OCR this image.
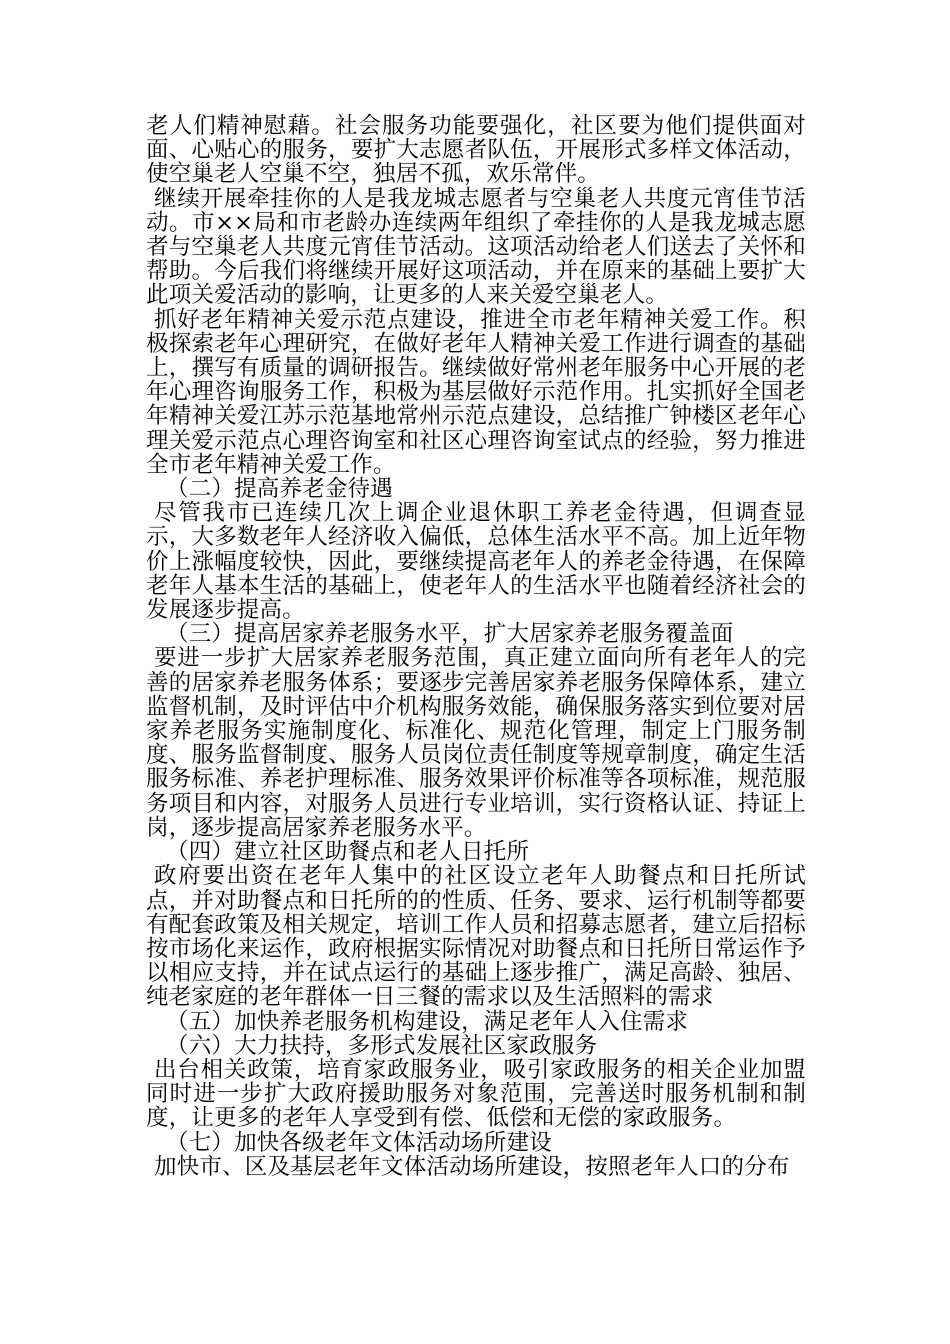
老人们精神慰藉。社会服务功能要强化，社区要为他们提供面对面、心贴心的服务，要扩大志愿者队伍，开展形式多样文体活动，使空巢老人空巢不空，独居不孤，欢乐常伴。

继续开展牵挂你的人是我龙城志愿者与空巢老人共度元宵佳节活动。市××局和市老龄办连续两年组织了牵挂你的人是我龙城志愿者与空巢老人共度元宵佳节活动。这项活动给老人们送去了关怀和帮助。今后我们将继续开展好这项活动，并在原来的基础上要扩大此项关爱活动的影响，让更多的人来关爱空巢老人。

抓好老年精神关爱示范点建设，推进全市老年精神关爱工作。积极探索老年心理研究，在做好老年人精神关爱工作进行调查的基础上，撰写有质量的调研报告。继续做好常州老年服务中心开展的老年心理咨询服务工作，积极为基层做好示范作用。扎实抓好全国老年精神关爱江苏示范基地常州示范点建设，总结推广钟楼区老年心理关爱示范点心理咨询室和社区心理咨询室试点的经验，努力推进全市老年精神关爱工作。

（二）提高养老金待遇

尽管我市已连续几次上调企业退休职工养老金待遇，但调查显示，大多数老年人经济收入偏低，总体生活水平不高。加上近年物价上涨幅度较快，因此，要继续提高老年人的养老金待遇，在保障老年人基本生活的基础上，使老年人的生活水平也随着经济社会的发展逐步提高。

（三）提高居家养老服务水平，扩大居家养老服务覆盖面

要进一步扩大居家养老服务范围，真正建立面向所有老年人的完善的居家养老服务体系；要逐步完善居家养老服务保障体系，建立监督机制，及时评估中介机构服务效能，确保服务落实到位要对居家养老服务实施制度化、标准化、规范化管理，制定上门服务制度、服务监督制度、服务人员岗位责任制度等规章制度，确定生活服务标准、养老护理标准、服务效果评价标准等各项标准，规范服务项目和内容，对服务人员进行专业培训，实行资格认证、持证上岗，逐步提高居家养老服务水平。

（四）建立社区助餐点和老人日托所

政府要出资在老年人集中的社区设立老年人助餐点和日托所试点，并对助餐点和日托所的的性质、任务、要求、运行机制等都要有配套政策及相关规定，培训工作人员和招募志愿者，建立后招标按市场化来运作，政府根据实际情况对助餐点和日托所日常运作予以相应支持，并在试点运行的基础上逐步推广，满足高龄、独居、纯老家庭的老年群体一日三餐的需求以及生活照料的需求

（五）加快养老服务机构建设，满足老年人入住需求

（六）大力扶持，多形式发展社区家政服务

出台相关政策，培育家政服务业，吸引家政服务的相关企业加盟同时进一步扩大政府援助服务对象范围，完善送时服务机制和制度，让更多的老年人享受到有偿、低偿和无偿的家政服务。

（七）加快各级老年文体活动场所建设

加快市、区及基层老年文体活动场所建设，按照老年人口的分布
